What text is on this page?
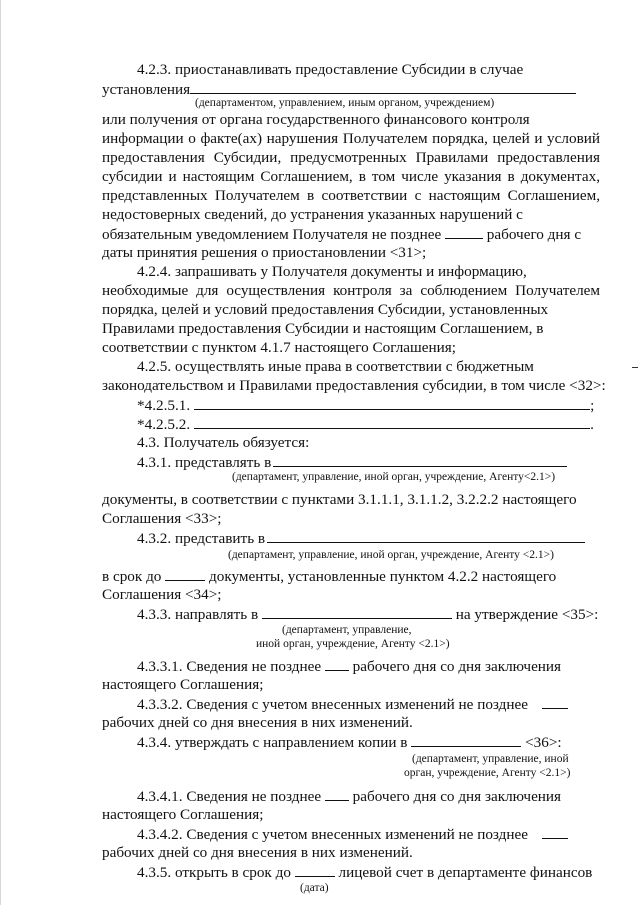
4.2.3. приостанавливать предоставление Субсидии в случае
установления
(департаментом, управлением, иным органом, учреждением)
или получения от органа государственного финансового контроля
информации о факте(ах) нарушения Получателем порядка, целей и условий
предоставления Субсидии, предусмотренных Правилами предоставления
субсидии и настоящим Соглашением, в том числе указания в документах,
представленных Получателем в соответствии с настоящим Соглашением,
недостоверных сведений, до устранения указанных нарушений с
обязательным уведомлением Получателя не позднее	рабочего дня с
даты принятия решения о приостановлении <31>;
4.2.4. запрашивать у Получателя документы и информацию,
необходимые для осуществления контроля за соблюдением Получателем
порядка, целей и условий предоставления Субсидии, установленных
Правилами предоставления Субсидии и настоящим Соглашением, в
соответствии с пунктом 4.1.7 настоящего Соглашения;
4.2.5. осуществлять иные права в соответствии с бюджетным
законодательством и Правилами предоставления субсидии, в том числе <32>:
*4.2.5.1.	;
*4.2.5.2.	.
4.3. Получатель обязуется:
4.3.1. представлять в
(департамент, управление, иной орган, учреждение, Агенту<2.1>)
документы, в соответствии с пунктами 3.1.1.1, 3.1.1.2, 3.2.2.2 настоящего
Соглашения <33>;
4.3.2. представить в
(департамент, управление, иной орган, учреждение, Агенту <2.1>)
в срок до	документы, установленные пунктом 4.2.2 настоящего
Соглашения <34>;
4.3.3. направлять в	на утверждение <35>:
(департамент, управление,
иной орган, учреждение, Агенту <2.1>)
4.3.3.1. Сведения не позднее рабочего дня со дня заключения
настоящего Соглашения;
4.3.3.2. Сведения с учетом внесенных изменений не позднее
рабочих дней со дня внесения в них изменений.
4.3.4. утверждать с направлением копии в	<36>:
(департамент, управление, иной
орган, учреждение, Агенту <2.1>)
4.3.4.1. Сведения не позднее рабочего дня со дня заключения
настоящего Соглашения;
4.3.4.2. Сведения с учетом внесенных изменений не позднее
рабочих дней со дня внесения в них изменений.
4.3.5. открыть в срок до	лицевой счет в департаменте финансов
(дата)
